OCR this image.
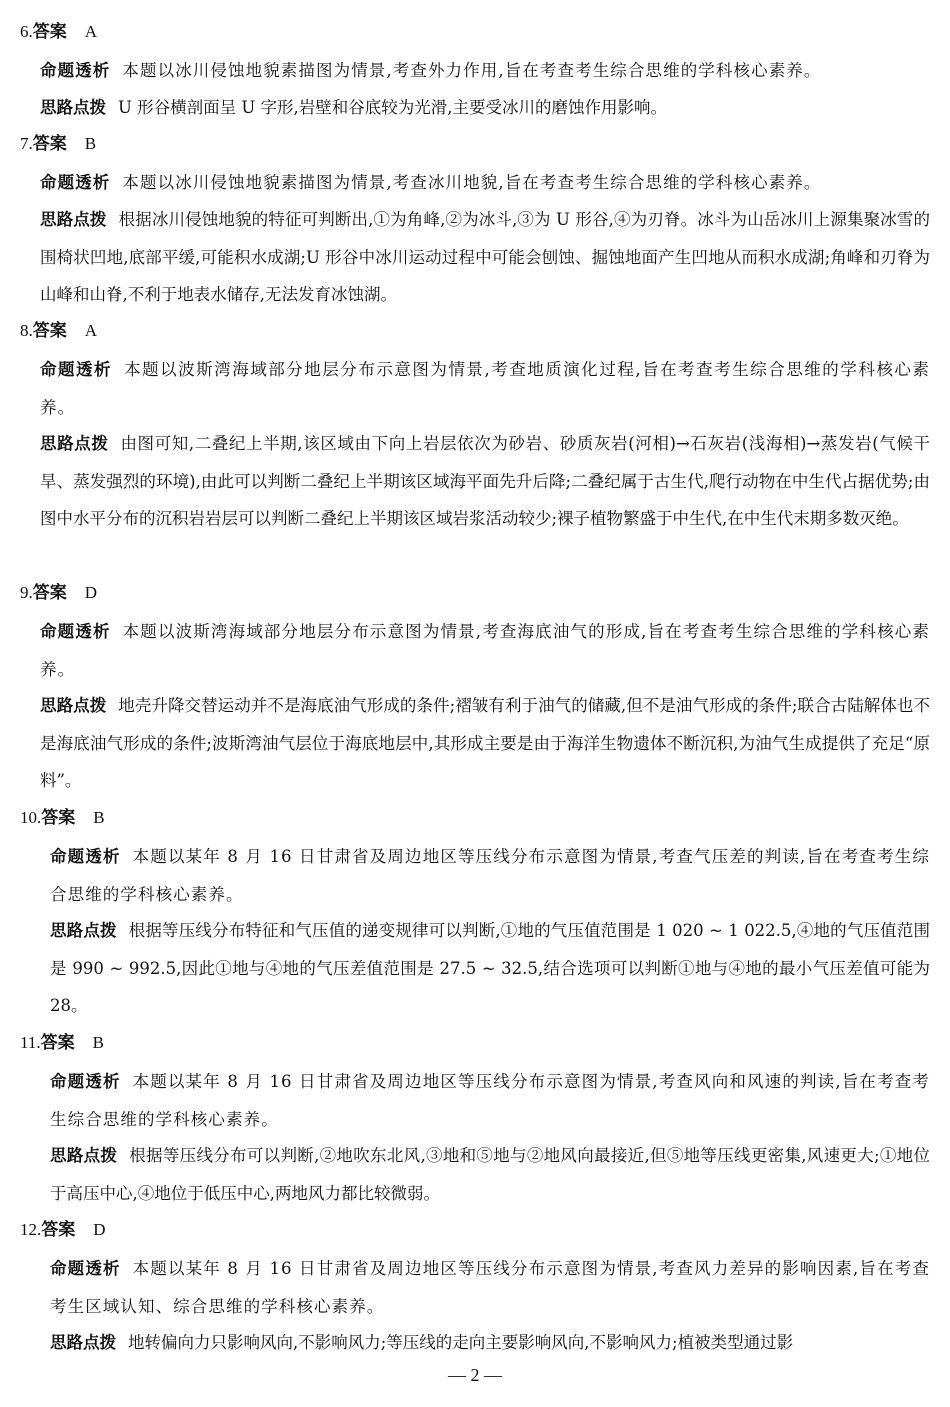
6.答案 A
命题透析 本题以冰川侵蚀地貌素描图为情景,考查外力作用,旨在考查考生综合思维的学科核心素养。
思路点拨 U 形谷横剖面呈 U 字形,岩壁和谷底较为光滑,主要受冰川的磨蚀作用影响。
7.答案 B
命题透析 本题以冰川侵蚀地貌素描图为情景,考查冰川地貌,旨在考查考生综合思维的学科核心素养。
思路点拨 根据冰川侵蚀地貌的特征可判断出,①为角峰,②为冰斗,③为 U 形谷,④为刃脊。冰斗为山岳冰川上源集聚冰雪的围椅状凹地,底部平缓,可能积水成湖;U 形谷中冰川运动过程中可能会刨蚀、掘蚀地面产生凹地从而积水成湖;角峰和刃脊为山峰和山脊,不利于地表水储存,无法发育冰蚀湖。
8.答案 A
命题透析 本题以波斯湾海域部分地层分布示意图为情景,考查地质演化过程,旨在考查考生综合思维的学科核心素养。
思路点拨 由图可知,二叠纪上半期,该区域由下向上岩层依次为砂岩、砂质灰岩(河相)→石灰岩(浅海相)→蒸发岩(气候干旱、蒸发强烈的环境),由此可以判断二叠纪上半期该区域海平面先升后降;二叠纪属于古生代,爬行动物在中生代占据优势;由图中水平分布的沉积岩岩层可以判断二叠纪上半期该区域岩浆活动较少;裸子植物繁盛于中生代,在中生代末期多数灭绝。
9.答案 D
命题透析 本题以波斯湾海域部分地层分布示意图为情景,考查海底油气的形成,旨在考查考生综合思维的学科核心素养。
思路点拨 地壳升降交替运动并不是海底油气形成的条件;褶皱有利于油气的储藏,但不是油气形成的条件;联合古陆解体也不是海底油气形成的条件;波斯湾油气层位于海底地层中,其形成主要是由于海洋生物遗体不断沉积,为油气生成提供了充足“原料”。
10.答案 B
命题透析 本题以某年 8 月 16 日甘肃省及周边地区等压线分布示意图为情景,考查气压差的判读,旨在考查考生综合思维的学科核心素养。
思路点拨 根据等压线分布特征和气压值的递变规律可以判断,①地的气压值范围是 1 020 ~ 1 022.5,④地的气压值范围是 990 ~ 992.5,因此①地与④地的气压差值范围是 27.5 ~ 32.5,结合选项可以判断①地与④地的最小气压差值可能为 28。
11.答案 B
命题透析 本题以某年 8 月 16 日甘肃省及周边地区等压线分布示意图为情景,考查风向和风速的判读,旨在考查考生综合思维的学科核心素养。
思路点拨 根据等压线分布可以判断,②地吹东北风,③地和⑤地与②地风向最接近,但⑤地等压线更密集,风速更大;①地位于高压中心,④地位于低压中心,两地风力都比较微弱。
12.答案 D
命题透析 本题以某年 8 月 16 日甘肃省及周边地区等压线分布示意图为情景,考查风力差异的影响因素,旨在考查考生区域认知、综合思维的学科核心素养。
思路点拨 地转偏向力只影响风向,不影响风力;等压线的走向主要影响风向,不影响风力;植被类型通过影
— 2 —
